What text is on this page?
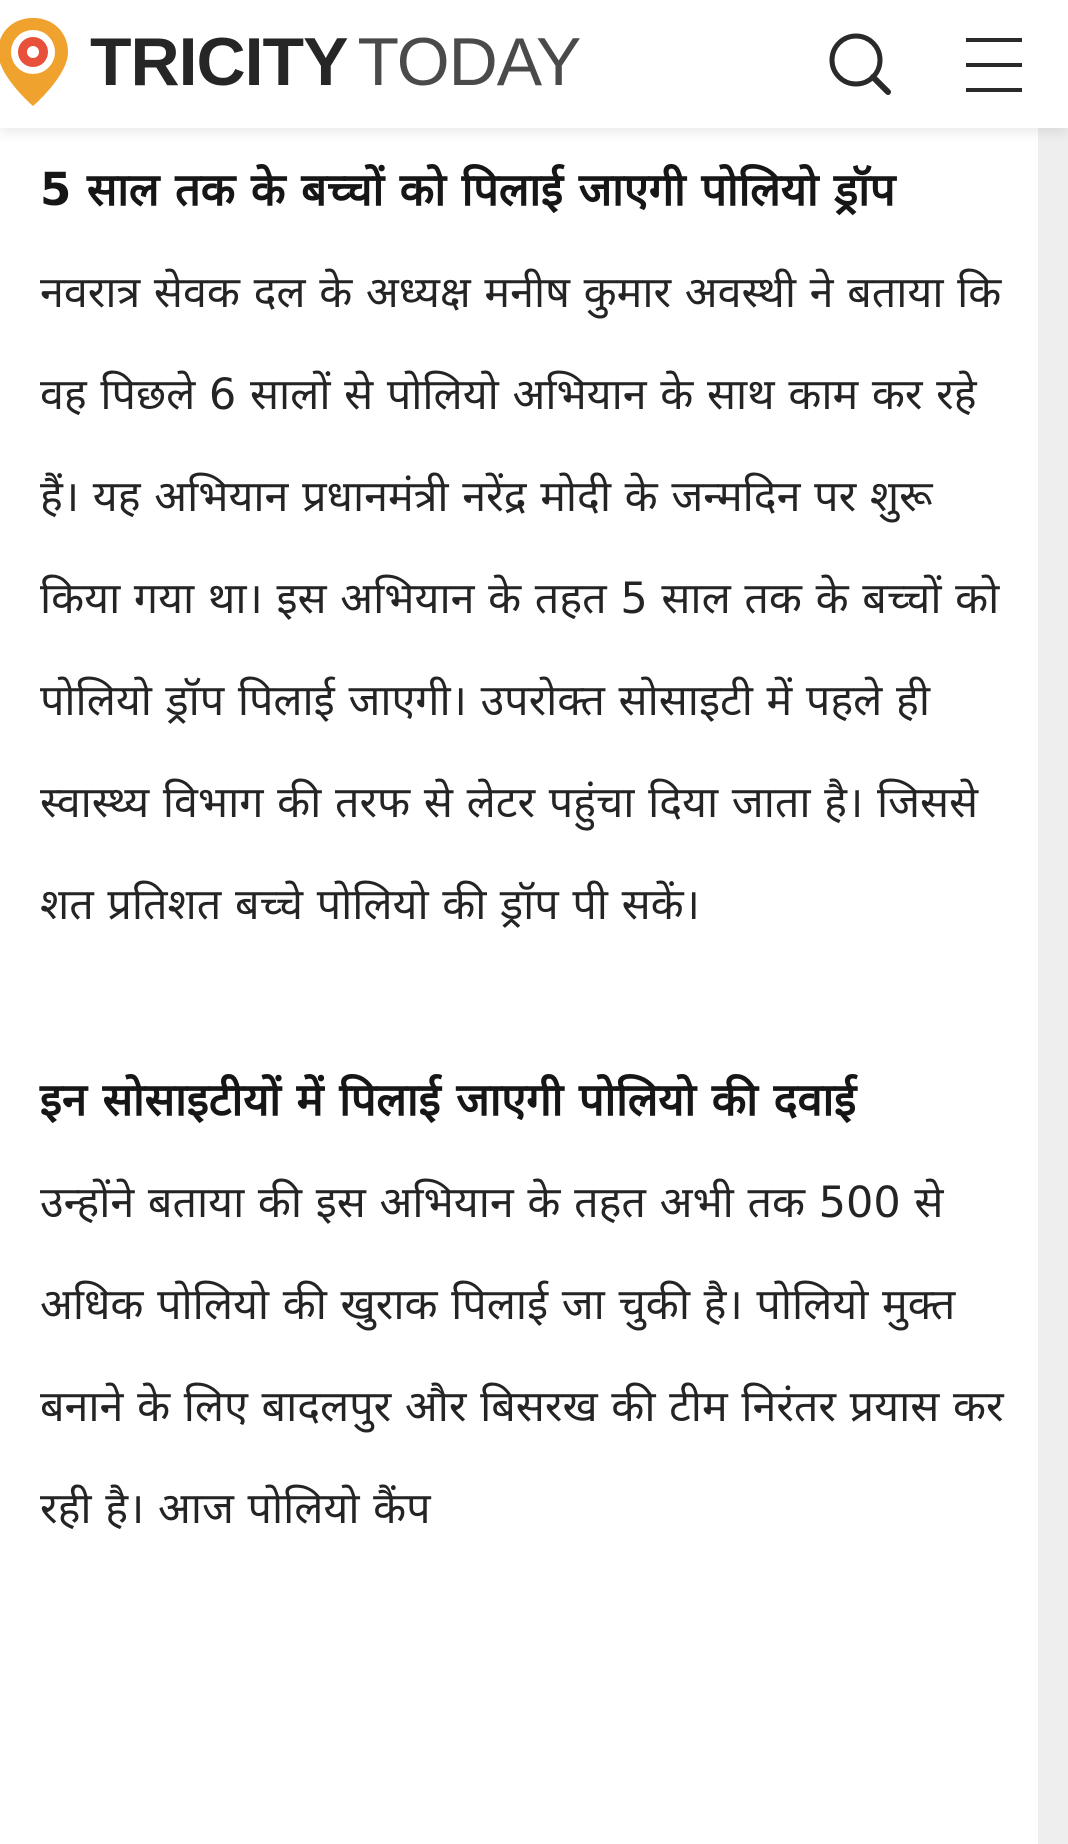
TRICITY TODAY
5 साल तक के बच्चों को पिलाई जाएगी पोलियो ड्रॉप

नवरात्र सेवक दल के अध्यक्ष मनीष कुमार अवस्थी ने बताया कि वह पिछले 6 सालों से पोलियो अभियान के साथ काम कर रहे हैं। यह अभियान प्रधानमंत्री नरेंद्र मोदी के जन्मदिन पर शुरू किया गया था। इस अभियान के तहत 5 साल तक के बच्चों को पोलियो ड्रॉप पिलाई जाएगी। उपरोक्त सोसाइटी में पहले ही स्वास्थ्य विभाग की तरफ से लेटर पहुंचा दिया जाता है। जिससे शत प्रतिशत बच्चे पोलियो की ड्रॉप पी सकें।

इन सोसाइटीयों में पिलाई जाएगी पोलियो की दवाई

उन्होंने बताया की इस अभियान के तहत अभी तक 500 से अधिक पोलियो की खुराक पिलाई जा चुकी है। पोलियो मुक्त बनाने के लिए बादलपुर और बिसरख की टीम निरंतर प्रयास कर रही है। आज पोलियो कैंप
